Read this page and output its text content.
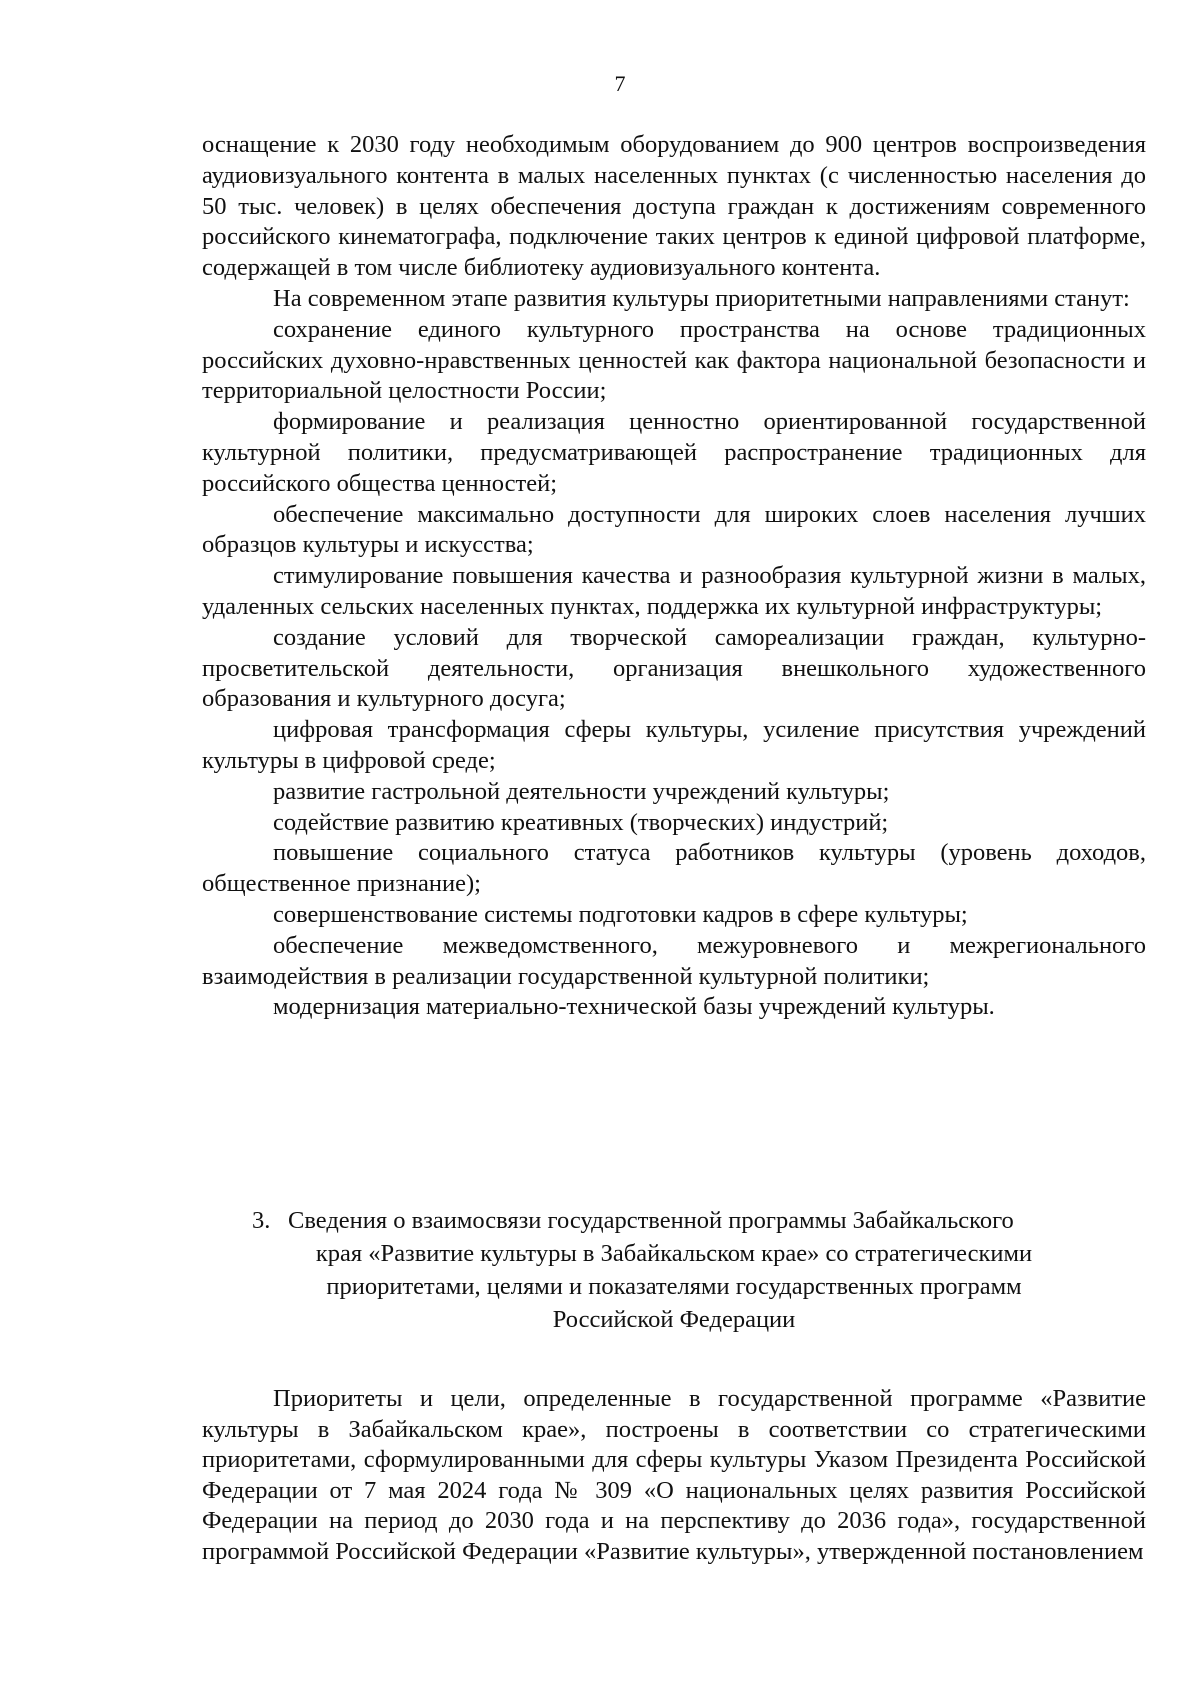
7

оснащение к 2030 году необходимым оборудованием до 900 центров воспроизведения аудиовизуального контента в малых населенных пунктах (с численностью населения до 50 тыс. человек) в целях обеспечения доступа граждан к достижениям современного российского кинематографа, подключение таких центров к единой цифровой платформе, содержащей в том числе библиотеку аудиовизуального контента.

На современном этапе развития культуры приоритетными направлениями станут:

сохранение единого культурного пространства на основе традиционных российских духовно-нравственных ценностей как фактора национальной безопасности и территориальной целостности России;

формирование и реализация ценностно ориентированной государственной культурной политики, предусматривающей распространение традиционных для российского общества ценностей;

обеспечение максимально доступности для широких слоев населения лучших образцов культуры и искусства;

стимулирование повышения качества и разнообразия культурной жизни в малых, удаленных сельских населенных пунктах, поддержка их культурной инфраструктуры;

создание условий для творческой самореализации граждан, культурно-просветительской деятельности, организация внешкольного художественного образования и культурного досуга;

цифровая трансформация сферы культуры, усиление присутствия учреждений культуры в цифровой среде;

развитие гастрольной деятельности учреждений культуры;

содействие развитию креативных (творческих) индустрий;

повышение социального статуса работников культуры (уровень доходов, общественное признание);

совершенствование системы подготовки кадров в сфере культуры;

обеспечение межведомственного, межуровневого и межрегионального взаимодействия в реализации государственной культурной политики;

модернизация материально-технической базы учреждений культуры.

3. Сведения о взаимосвязи государственной программы Забайкальского
края «Развитие культуры в Забайкальском крае» со стратегическими
приоритетами, целями и показателями государственных программ
Российской Федерации

Приоритеты и цели, определенные в государственной программе «Развитие культуры в Забайкальском крае», построены в соответствии со стратегическими приоритетами, сформулированными для сферы культуры Указом Президента Российской Федерации от 7 мая 2024 года № 309 «О национальных целях развития Российской Федерации на период до 2030 года и на перспективу до 2036 года», государственной программой Российской Федерации «Развитие культуры», утвержденной постановлением
